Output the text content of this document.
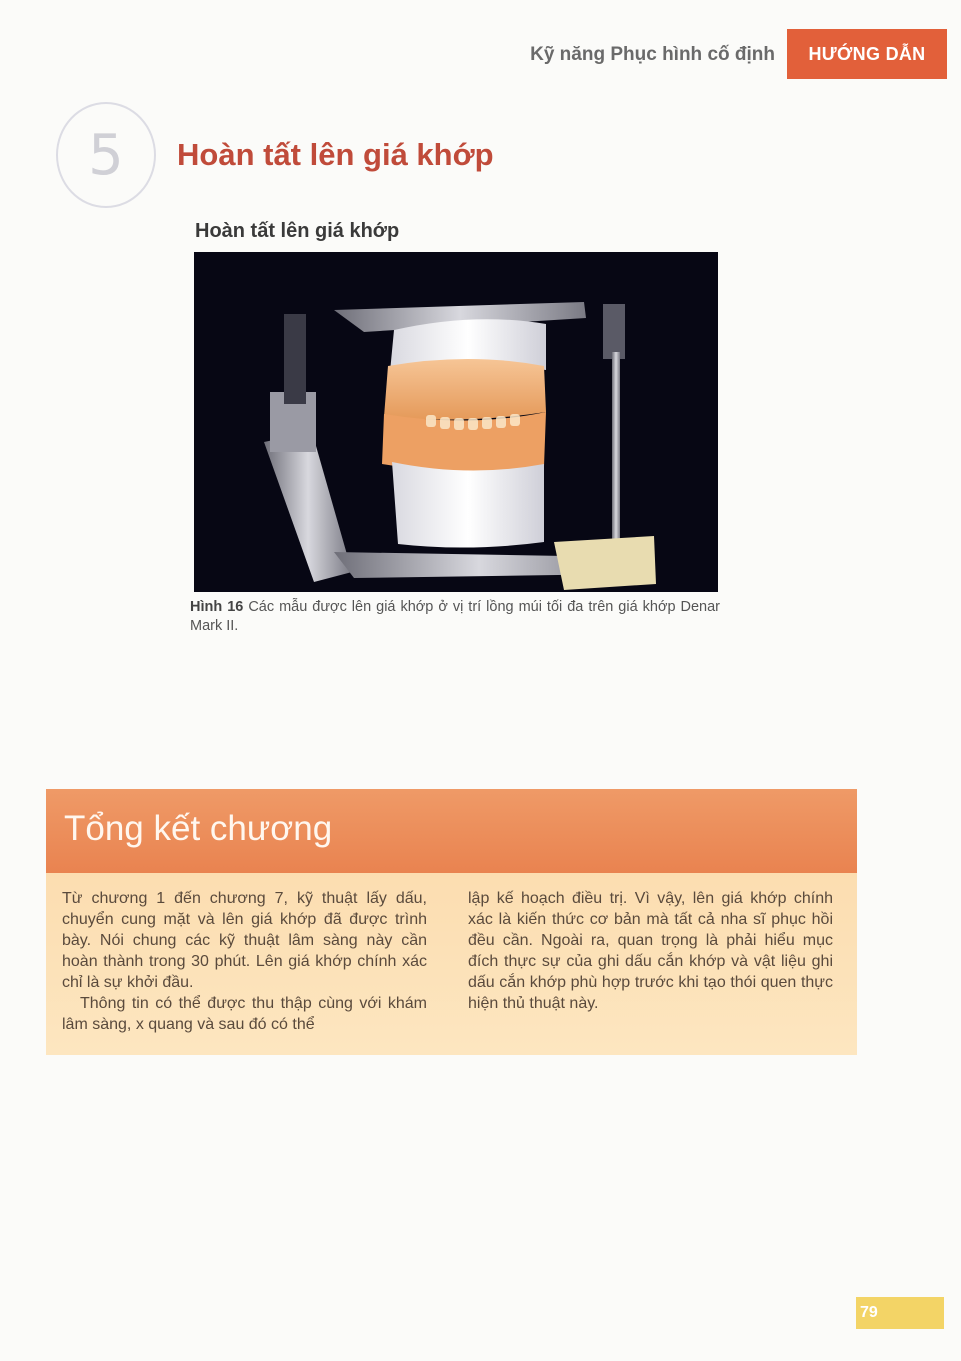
Kỹ năng Phục hình cố định	HƯỚNG DẪN
5	Hoàn tất lên giá khớp
Hoàn tất lên giá khớp
Hình 16 Các mẫu được lên giá khớp ở vị trí lồng múi tối đa trên giá khớp Denar Mark II.
Tổng kết chương

Từ chương 1 đến chương 7, kỹ thuật lấy dấu, chuyển cung mặt và lên giá khớp đã được trình bày. Nói chung các kỹ thuật lâm sàng này cần hoàn thành trong 30 phút. Lên giá khớp chính xác chỉ là sự khởi đầu.

Thông tin có thể được thu thập cùng với khám lâm sàng, x quang và sau đó có thể

lập kế hoạch điều trị. Vì vậy, lên giá khớp chính xác là kiến thức cơ bản mà tất cả nha sĩ phục hồi đều cần. Ngoài ra, quan trọng là phải hiểu mục đích thực sự của ghi dấu cắn khớp và vật liệu ghi dấu cắn khớp phù hợp trước khi tạo thói quen thực hiện thủ thuật này.

79
